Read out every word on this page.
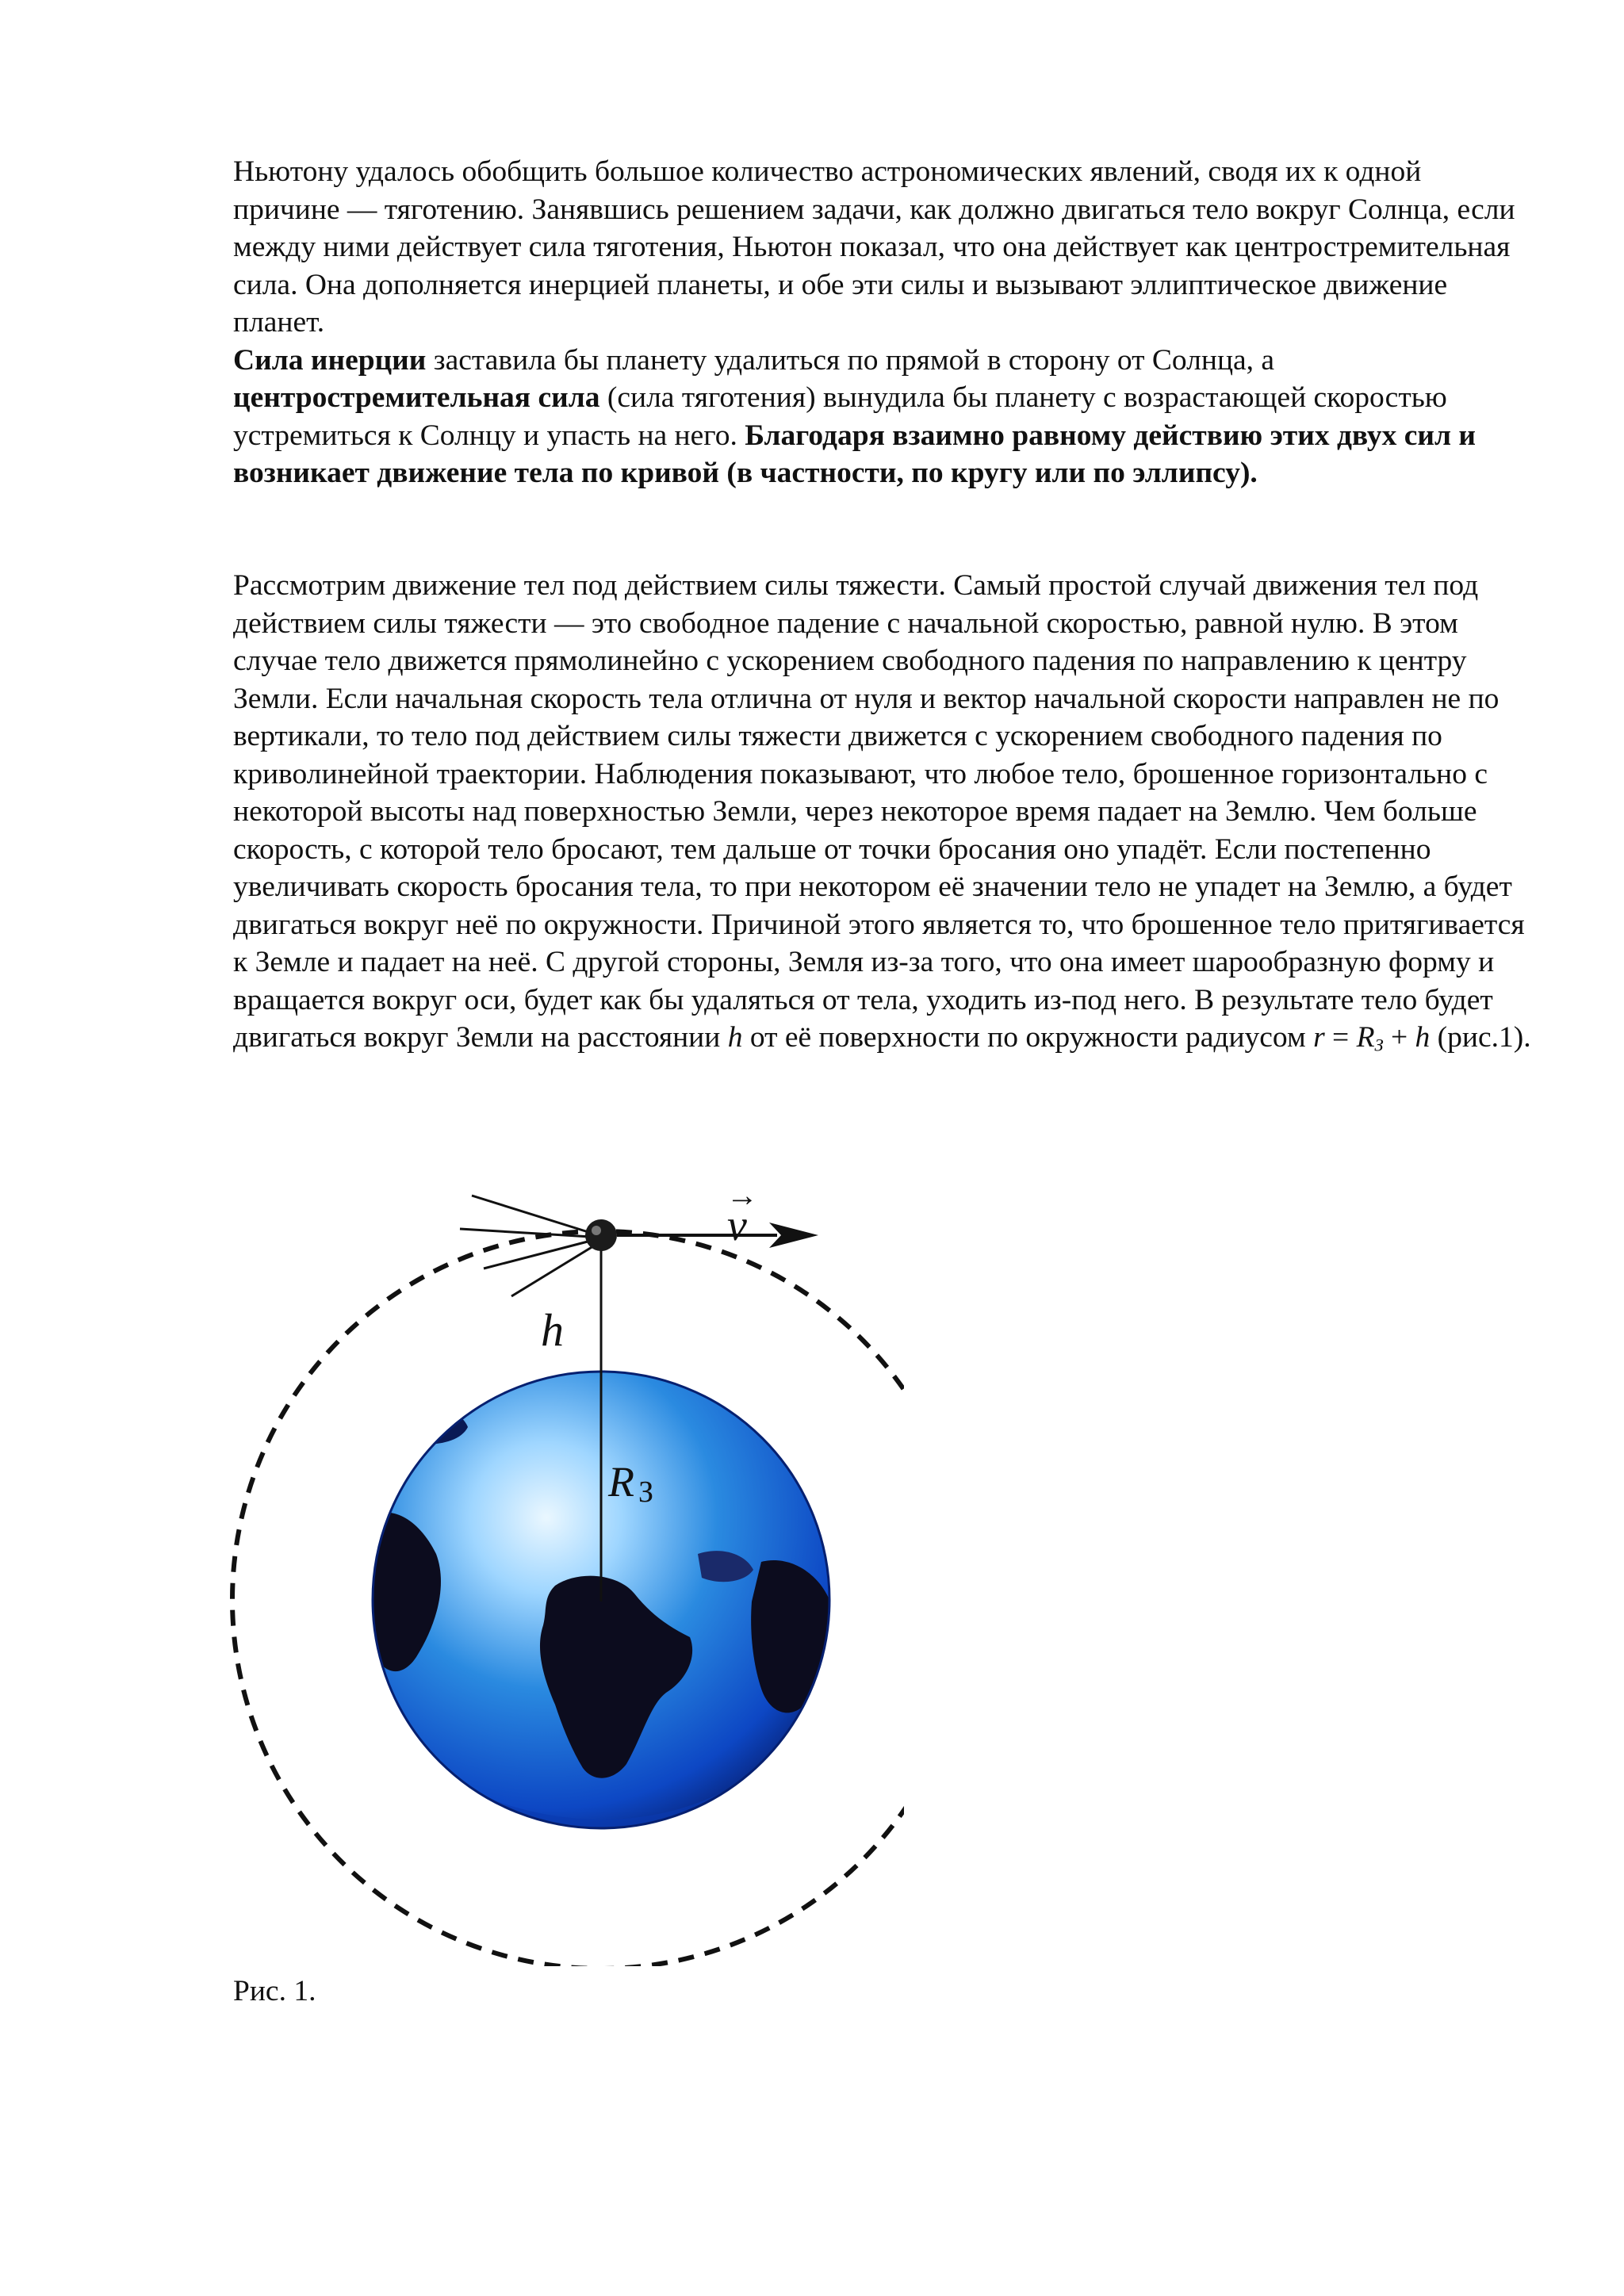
Ньютону удалось обобщить большое количество астрономических явлений, сводя их к одной причине — тяготению. Занявшись решением задачи, как должно двигаться тело вокруг Солнца, если между ними действует сила тяготения, Ньютон показал, что она действует как центростремительная сила. Она дополняется инерцией планеты, и обе эти силы и вызывают эллиптическое движение планет.
Сила инерции заставила бы планету удалиться по прямой в сторону от Солнца, а центростремительная сила (сила тяготения) вынудила бы планету с возрастающей скоростью устремиться к Солнцу и упасть на него. Благодаря взаимно равному действию этих двух сил и возникает движение тела по кривой (в частности, по кругу или по эллипсу).

Рассмотрим движение тел под действием силы тяжести. Самый простой случай движения тел под действием силы тяжести — это свободное падение с начальной скоростью, равной нулю. В этом случае тело движется прямолинейно с ускорением свободного падения по направлению к центру Земли. Если начальная скорость тела отлична от нуля и вектор начальной скорости направлен не по вертикали, то тело под действием силы тяжести движется с ускорением свободного падения по криволинейной траектории. Наблюдения показывают, что любое тело, брошенное горизонтально с некоторой высоты над поверхностью Земли, через некоторое время падает на Землю. Чем больше скорость, с которой тело бросают, тем дальше от точки бросания оно упадёт. Если постепенно увеличивать скорость бросания тела, то при некотором её значении тело не упадет на Землю, а будет двигаться вокруг неё по окружности. Причиной этого является то, что брошенное тело притягивается к Земле и падает на неё. С другой стороны, Земля из-за того, что она имеет шарообразную форму и вращается вокруг оси, будет как бы удаляться от тела, уходить из-под него. В результате тело будет двигаться вокруг Земли на расстоянии h от её поверхности по окружности радиусом $r = R_З + h$ (рис.1).

→
v
h
R З

Рис. 1.
